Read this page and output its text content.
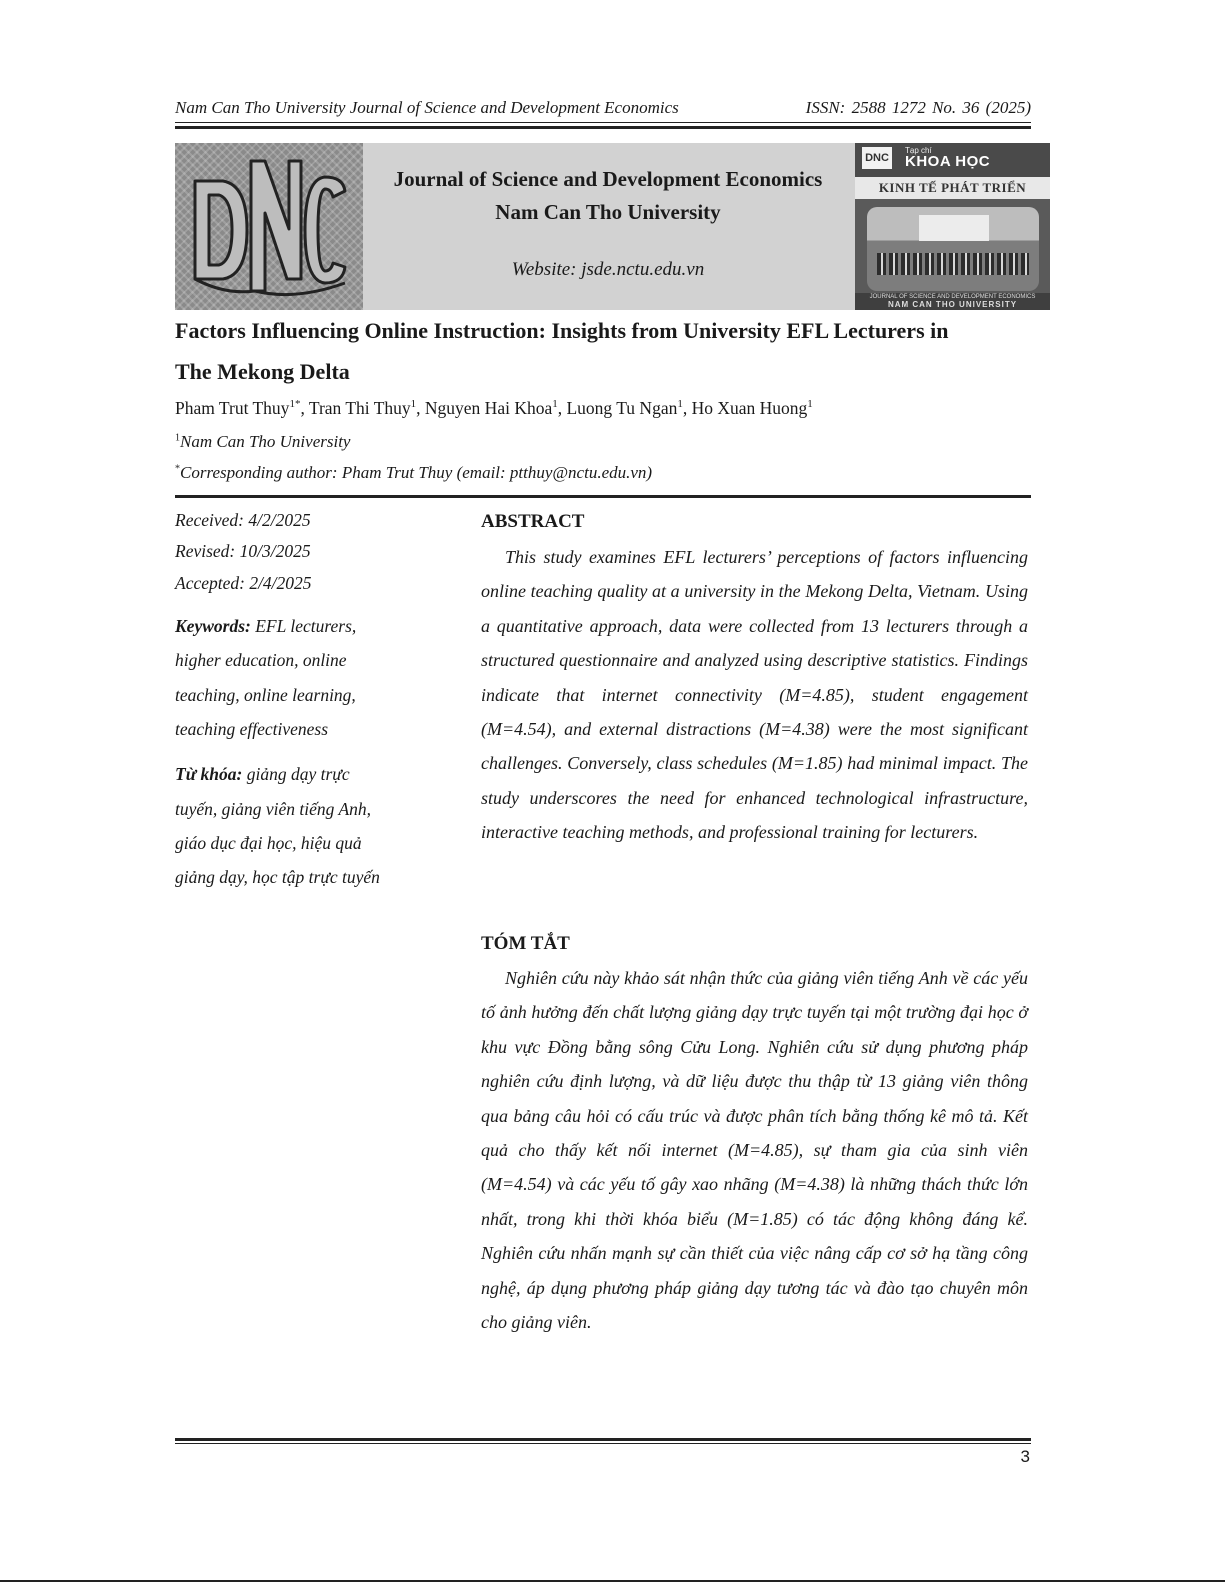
Nam Can Tho University Journal of Science and Development Economics	ISSN: 2588 1272 No. 36 (2025)
Journal of Science and Development Economics
Nam Can Tho University
Website: jsde.nctu.edu.vn
DNC
Tạp chí
KHOA HỌC
KINH TẾ PHÁT TRIỂN
JOURNAL OF SCIENCE AND DEVELOPMENT ECONOMICS
NAM CAN THO UNIVERSITY
Factors Influencing Online Instruction: Insights from University EFL Lecturers in
The Mekong Delta
Pham Trut Thuy$^{1*}$, Tran Thi Thuy$^1$, Nguyen Hai Khoa$^1$, Luong Tu Ngan$^1$, Ho Xuan Huong$^1$
$^1$Nam Can Tho University
*Corresponding author: Pham Trut Thuy (email: ptthuy@nctu.edu.vn)
Received: 4/2/2025
Revised: 10/3/2025
Accepted: 2/4/2025
Keywords: EFL lecturers,
higher education, online
teaching, online learning,
teaching effectiveness
Từ khóa: giảng dạy trực
tuyến, giảng viên tiếng Anh,
giáo dục đại học, hiệu quả
giảng dạy, học tập trực tuyến
ABSTRACT
This study examines EFL lecturers’ perceptions of factors influencing online teaching quality at a university in the Mekong Delta, Vietnam. Using a quantitative approach, data were collected from 13 lecturers through a structured questionnaire and analyzed using descriptive statistics. Findings indicate that internet connectivity (M=4.85), student engagement (M=4.54), and external distractions (M=4.38) were the most significant challenges. Conversely, class schedules (M=1.85) had minimal impact. The study underscores the need for enhanced technological infrastructure, interactive teaching methods, and professional training for lecturers.
TÓM TẮT
Nghiên cứu này khảo sát nhận thức của giảng viên tiếng Anh về các yếu tố ảnh hưởng đến chất lượng giảng dạy trực tuyến tại một trường đại học ở khu vực Đồng bằng sông Cửu Long. Nghiên cứu sử dụng phương pháp nghiên cứu định lượng, và dữ liệu được thu thập từ 13 giảng viên thông qua bảng câu hỏi có cấu trúc và được phân tích bằng thống kê mô tả. Kết quả cho thấy kết nối internet (M=4.85), sự tham gia của sinh viên (M=4.54) và các yếu tố gây xao nhãng (M=4.38) là những thách thức lớn nhất, trong khi thời khóa biểu (M=1.85) có tác động không đáng kể. Nghiên cứu nhấn mạnh sự cần thiết của việc nâng cấp cơ sở hạ tầng công nghệ, áp dụng phương pháp giảng dạy tương tác và đào tạo chuyên môn cho giảng viên.
3
